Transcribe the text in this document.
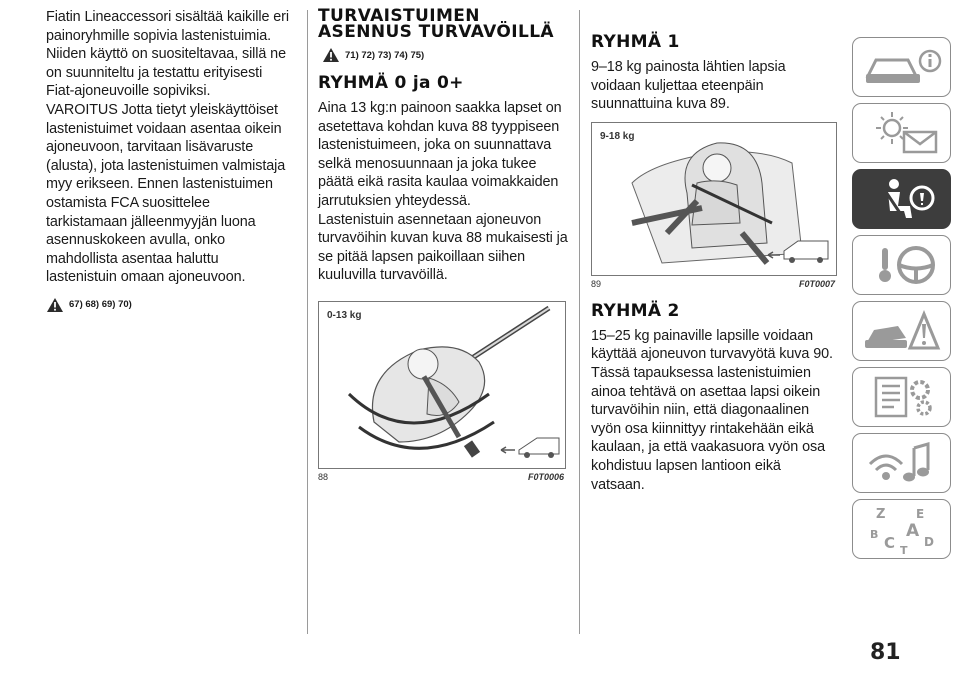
Fiatin Lineaccessori sisältää kaikille eri painoryhmille sopivia lastenistuimia. Niiden käyttö on suositeltavaa, sillä ne on suunniteltu ja testattu erityisesti Fiat-ajoneuvoille sopiviksi.

VAROITUS Jotta tietyt yleiskäyttöiset lastenistuimet voidaan asentaa oikein ajoneuvoon, tarvitaan lisävaruste (alusta), jota lastenistuimen valmistaja myy erikseen. Ennen lastenistuimen ostamista FCA suosittelee tarkistamaan jälleenmyyjän luona asennuskokeen avulla, onko mahdollista asentaa haluttu lastenistuin omaan ajoneuvoon.

67) 68) 69) 70)
TURVAISTUIMEN
ASENNUS TURVAVÖILLÄ
71) 72) 73) 74) 75)
RYHMÄ 0 ja 0+

Aina 13 kg:n painoon saakka lapset on asetettava kohdan kuva 88 tyyppiseen lastenistuimeen, joka on suunnattava selkä menosuunnaan ja joka tukee päätä eikä rasita kaulaa voimakkaiden jarrutuksien yhteydessä.

Lastenistuin asennetaan ajoneuvon turvavöihin kuvan kuva 88 mukaisesti ja se pitää lapsen paikoillaan siihen kuuluvilla turvavöillä.

0-13 kg
88	F0T0006
RYHMÄ 1

9–18 kg painosta lähtien lapsia voidaan kuljettaa eteenpäin suunnattuina kuva 89.

9-18 kg
89	F0T0007
RYHMÄ 2

15–25 kg painaville lapsille voidaan käyttää ajoneuvon turvavyötä kuva 90. Tässä tapauksessa lastenistuimien ainoa tehtävä on asettaa lapsi oikein turvavöihin niin, että diagonaalinen vyön osa kiinnittyy rintakehään eikä kaulaan, ja että vaakasuora vyön osa kohdistuu lapsen lantioon eikä vatsaan.

Z	E
B A
C D
T
81
